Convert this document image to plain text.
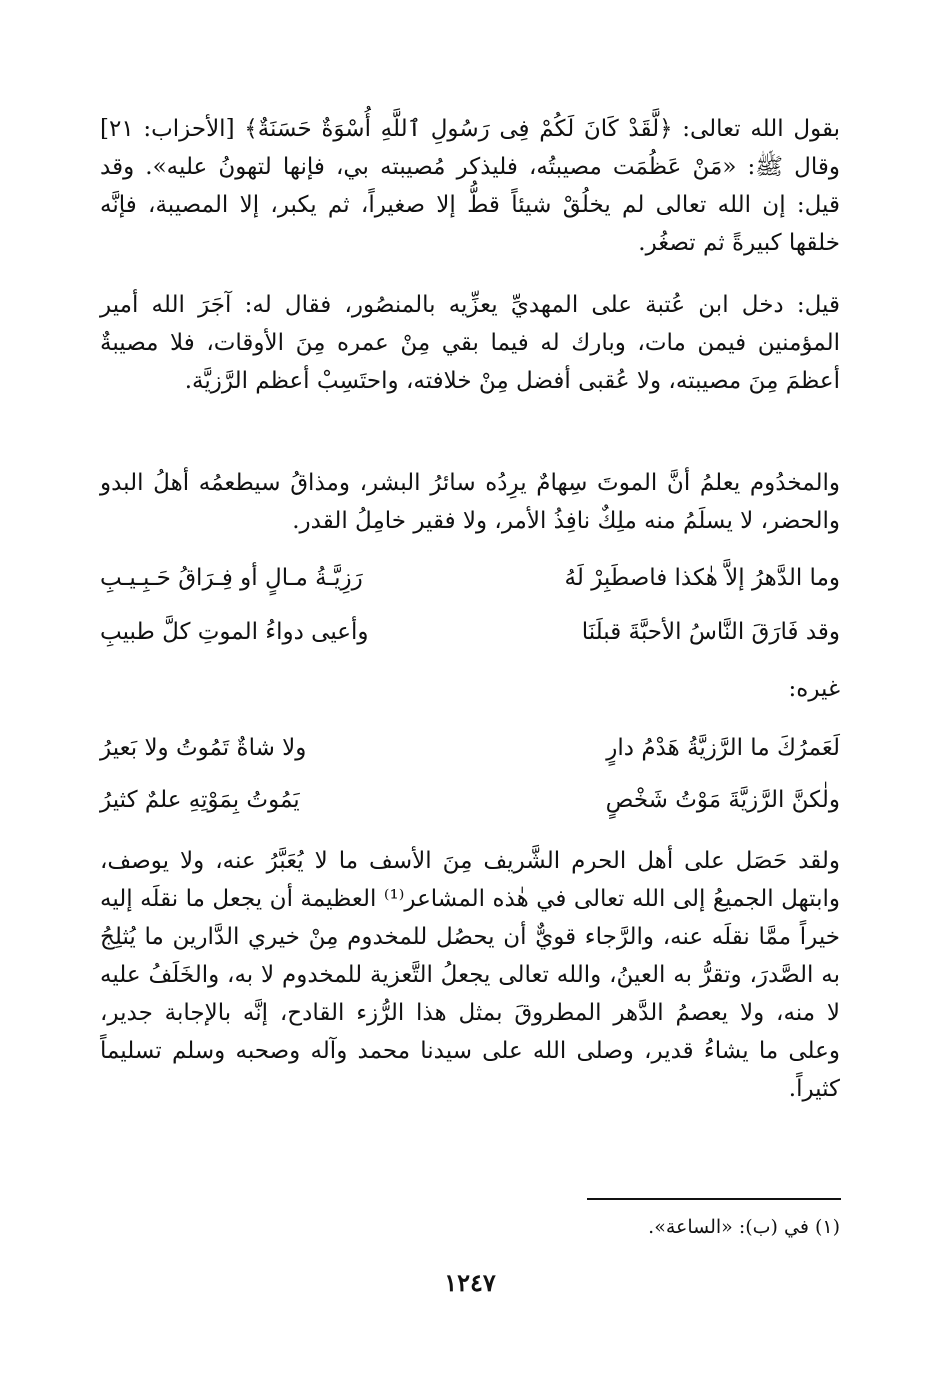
بقول الله تعالى: ﴿لَّقَدْ كَانَ لَكُمْ فِى رَسُولِ ٱللَّهِ أُسْوَةٌ حَسَنَةٌ﴾ [الأحزاب: ٢١] وقال ﷺ: «مَنْ عَظُمَت مصيبتُه، فليذكر مُصيبته بي، فإنها لتهونُ عليه». وقد قيل: إن الله تعالى لم يخلُقْ شيئاً قطُّ إلا صغيراً، ثم يكبر، إلا المصيبة، فإنَّه خلقها كبيرةً ثم تصغُر.

قيل: دخل ابن عُتبة على المهديِّ يعزِّيه بالمنصُور، فقال له: آجَرَ الله أمير المؤمنين فيمن مات، وبارك له فيما بقي مِنْ عمره مِنَ الأوقات، فلا مصيبةٌ أعظمَ مِنَ مصيبته، ولا عُقبى أفضل مِنْ خلافته، واحتَسِبْ أعظم الرَّزيَّة.

والمخدُوم يعلمُ أنَّ الموتَ سِهامٌ يرِدُه سائرُ البشر، ومذاقُ سيطعمُه أهلُ البدو والحضر، لا يسلَمُ منه ملِكٌ نافِذُ الأمر، ولا فقير خامِلُ القدر.

وما الدَّهرُ إلاَّ هٰكذا فاصطَبِرْ لَهُ
رَزِيَّـةُ مـالٍ أو فِـرَاقُ حَـبِـيـبِ
وقد فَارَقَ النَّاسُ الأحبَّةَ قبلَنَا
وأعيى دواءُ الموتِ كلَّ طبيبِ
غيره:
لَعَمرُكَ ما الرَّزيَّةُ هَدْمُ دارٍ
ولا شاةٌ تَمُوتُ ولا بَعيرُ
ولٰكنَّ الرَّزيَّةَ مَوْتُ شَخْصٍ
يَمُوتُ بِمَوْتِهِ علمٌ كثيرُ

ولقد حَصَل على أهل الحرم الشَّريف مِنَ الأسف ما لا يُعَبَّرُ عنه، ولا يوصف، وابتهل الجميعُ إلى الله تعالى في هٰذه المشاعر⁽¹⁾ العظيمة أن يجعل ما نقلَه إليه خيراً ممَّا نقلَه عنه، والرَّجاء قويٌّ أن يحصُل للمخدوم مِنْ خيري الدَّارين ما يُثلِجُ به الصَّدرَ، وتقرُّ به العينُ، والله تعالى يجعلُ التَّعزية للمخدوم لا به، والخَلَفُ عليه لا منه، ولا يعصمُ الدَّهر المطروقَ بمثل هذا الرُّزء القادح، إنَّه بالإجابة جدير، وعلى ما يشاءُ قدير، وصلى الله على سيدنا محمد وآله وصحبه وسلم تسليماً كثيراً.

(١) في (ب): «الساعة».
١٢٤٧
